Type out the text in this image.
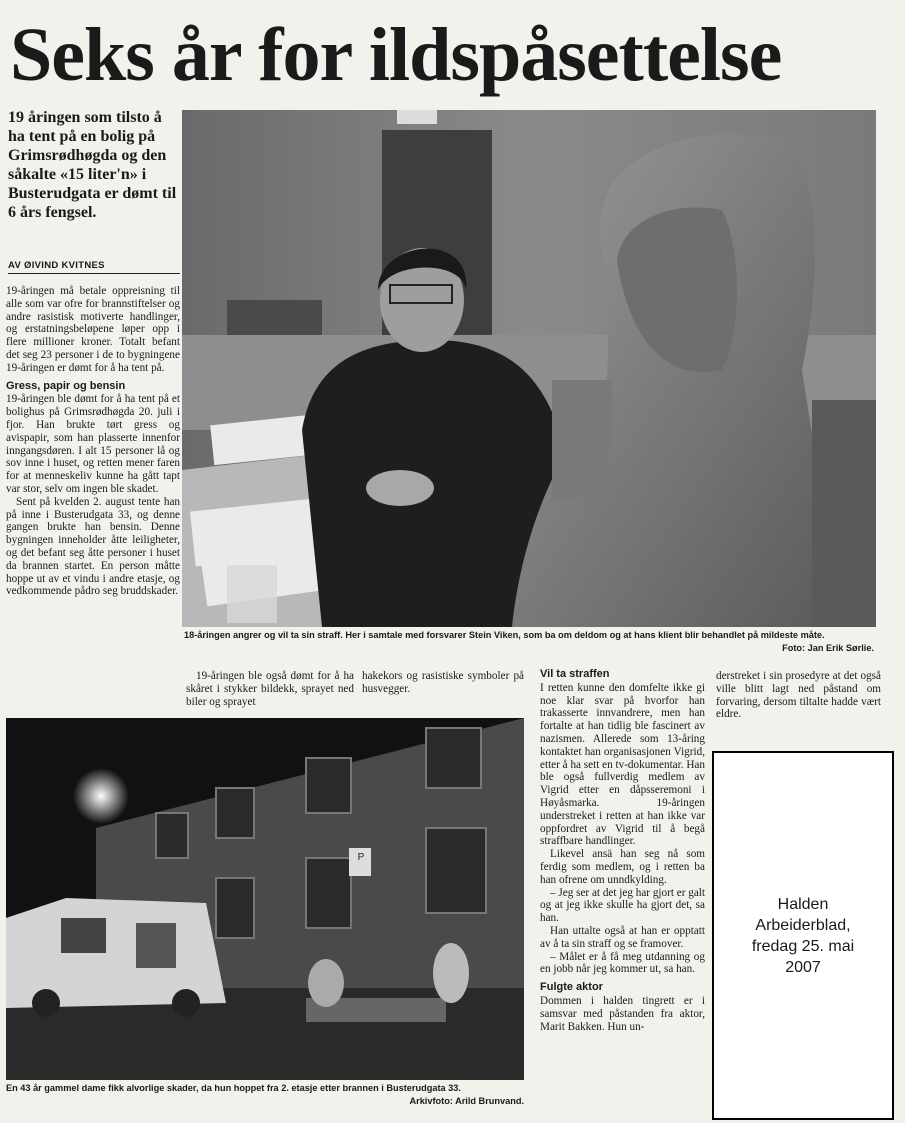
Seks år for ildspåsettelse
19 åringen som tilsto å ha tent på en bolig på Grimsrødhøgda og den såkalte «15 liter'n» i Busterudgata er dømt til 6 års fengsel.
AV ØIVIND KVITNES

19-åringen må betale oppreisning til alle som var ofre for brannstiftelser og andre rasistisk motiverte handlinger, og erstatningsbeløpene løper opp i flere millioner kroner. Totalt befant det seg 23 personer i de to bygningene 19-åringen er dømt for å ha tent på.

Gress, papir og bensin

19-åringen ble dømt for å ha tent på et bolighus på Grimsrødhøgda 20. juli i fjor. Han brukte tørt gress og avispapir, som han plasserte innenfor inngangsdøren. I alt 15 personer lå og sov inne i huset, og retten mener faren for at menneskeliv kunne ha gått tapt var stor, selv om ingen ble skadet.

Sent på kvelden 2. august tente han på inne i Busterudgata 33, og denne gangen brukte han bensin. Denne bygningen inneholder åtte leiligheter, og det befant seg åtte personer i huset da brannen startet. En person måtte hoppe ut av et vindu i andre etasje, og vedkommende pådro seg bruddskader.

18-åringen angrer og vil ta sin straff. Her i samtale med forsvarer Stein Viken, som ba om deldom og at hans klient blir behandlet på mildeste måte.
Foto: Jan Erik Sørlie.

19-åringen ble også dømt for å ha skåret i stykker bildekk, sprayet ned biler og sprayet

hakekors og rasistiske symboler på husvegger.

En 43 år gammel dame fikk alvorlige skader, da hun hoppet fra 2. etasje etter brannen i Busterudgata 33.
Arkivfoto: Arild Brunvand.
Vil ta straffen

I retten kunne den domfelte ikke gi noe klar svar på hvorfor han trakasserte innvandrere, men han fortalte at han tidlig ble fascinert av nazismen. Allerede som 13-åring kontaktet han organisasjonen Vigrid, etter å ha sett en tv-dokumentar. Han ble også fullverdig medlem av Vigrid etter en dåpsseremoni i Høyåsmarka. 19-åringen understreket i retten at han ikke var oppfordret av Vigrid til å begå straffbare handlinger.

Likevel ansä han seg nå som ferdig som medlem, og i retten ba han ofrene om unndkylding.

– Jeg ser at det jeg har gjort er galt og at jeg ikke skulle ha gjort det, sa han.

Han uttalte også at han er opptatt av å ta sin straff og se framover.

– Målet er å få meg utdanning og en jobb når jeg kommer ut, sa han.

Fulgte aktor

Dommen i halden tingrett er i samsvar med påstanden fra aktor, Marit Bakken. Hun un-

derstreket i sin prosedyre at det også ville blitt lagt ned påstand om forvaring, dersom tiltalte hadde vært eldre.

Halden
Arbeiderblad,
fredag 25. mai
2007
P
